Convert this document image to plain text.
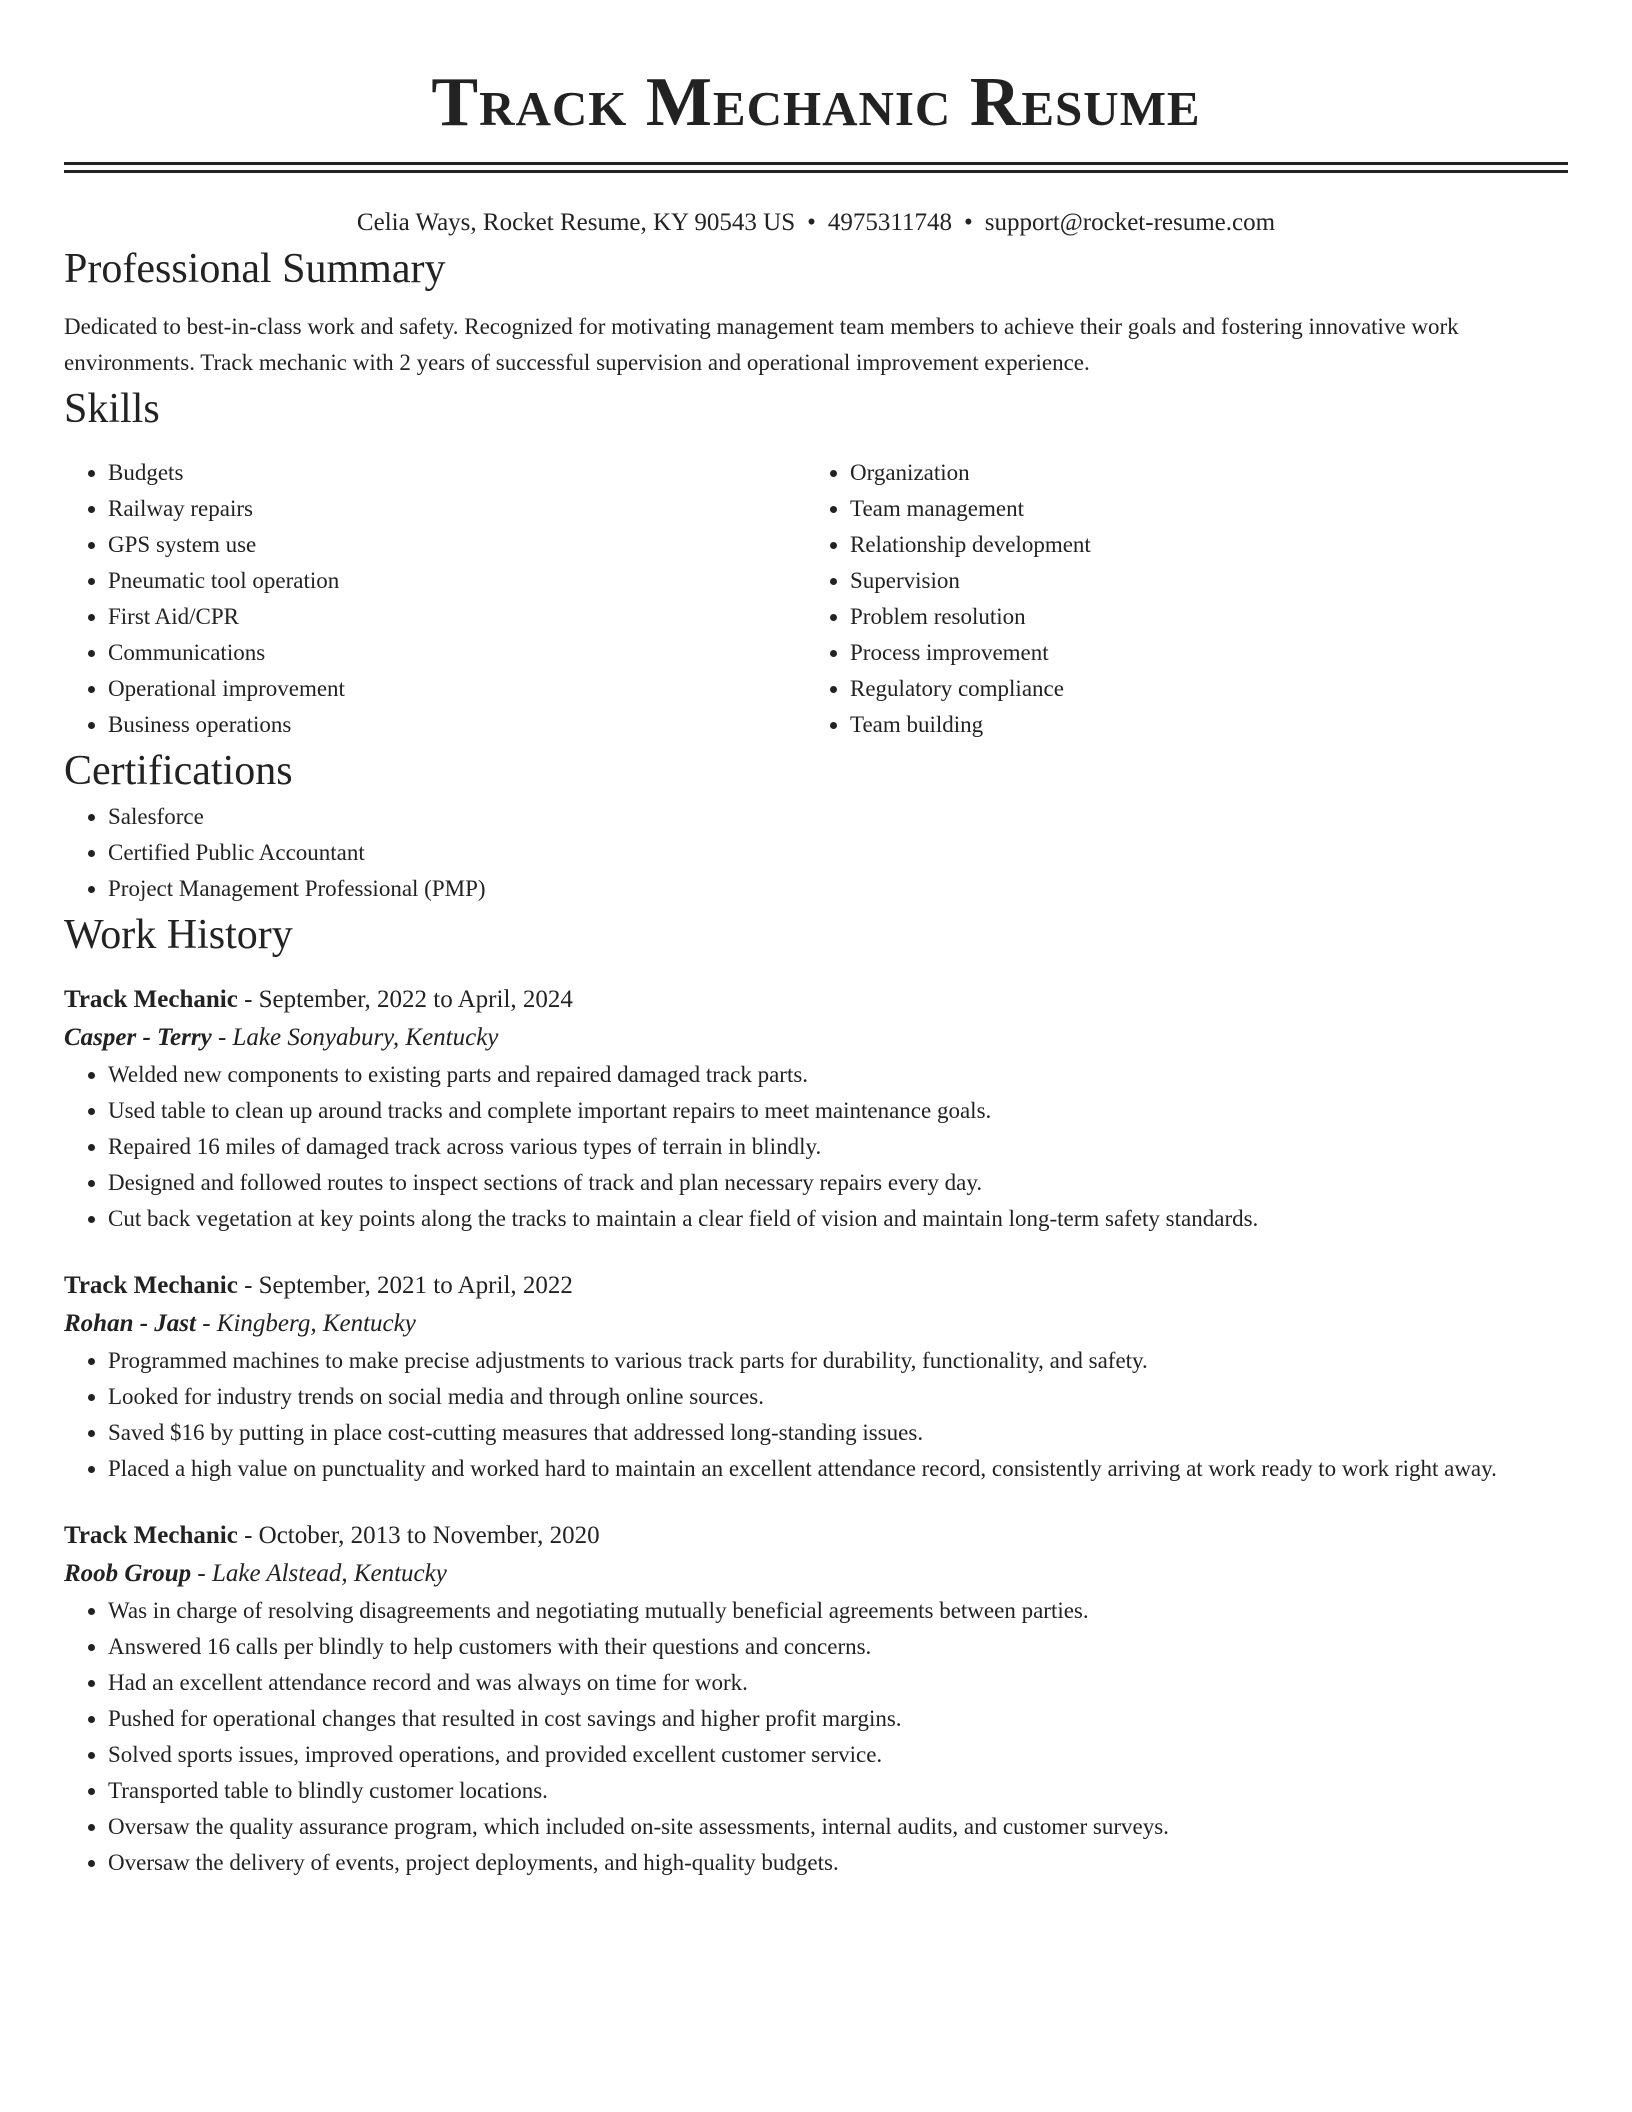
Track Mechanic Resume
Celia Ways, Rocket Resume, KY 90543 US • 4975311748 • support@rocket-resume.com
Professional Summary

Dedicated to best-in-class work and safety. Recognized for motivating management team members to achieve their goals and fostering innovative work environments. Track mechanic with 2 years of successful supervision and operational improvement experience.

Skills
• Budgets
• Railway repairs
• GPS system use
• Pneumatic tool operation
• First Aid/CPR
• Communications
• Operational improvement
• Business operations
• Organization
• Team management
• Relationship development
• Supervision
• Problem resolution
• Process improvement
• Regulatory compliance
• Team building
Certifications
• Salesforce
• Certified Public Accountant
• Project Management Professional (PMP)
Work History
Track Mechanic - September, 2022 to April, 2024
Casper - Terry - Lake Sonyabury, Kentucky
• Welded new components to existing parts and repaired damaged track parts.
• Used table to clean up around tracks and complete important repairs to meet maintenance goals.
• Repaired 16 miles of damaged track across various types of terrain in blindly.
• Designed and followed routes to inspect sections of track and plan necessary repairs every day.
• Cut back vegetation at key points along the tracks to maintain a clear field of vision and maintain long-term safety standards.
Track Mechanic - September, 2021 to April, 2022
Rohan - Jast - Kingberg, Kentucky
• Programmed machines to make precise adjustments to various track parts for durability, functionality, and safety.
• Looked for industry trends on social media and through online sources.
• Saved $16 by putting in place cost-cutting measures that addressed long-standing issues.
• Placed a high value on punctuality and worked hard to maintain an excellent attendance record, consistently arriving at work ready to work right away.
Track Mechanic - October, 2013 to November, 2020
Roob Group - Lake Alstead, Kentucky
• Was in charge of resolving disagreements and negotiating mutually beneficial agreements between parties.
• Answered 16 calls per blindly to help customers with their questions and concerns.
• Had an excellent attendance record and was always on time for work.
• Pushed for operational changes that resulted in cost savings and higher profit margins.
• Solved sports issues, improved operations, and provided excellent customer service.
• Transported table to blindly customer locations.
• Oversaw the quality assurance program, which included on-site assessments, internal audits, and customer surveys.
• Oversaw the delivery of events, project deployments, and high-quality budgets.
